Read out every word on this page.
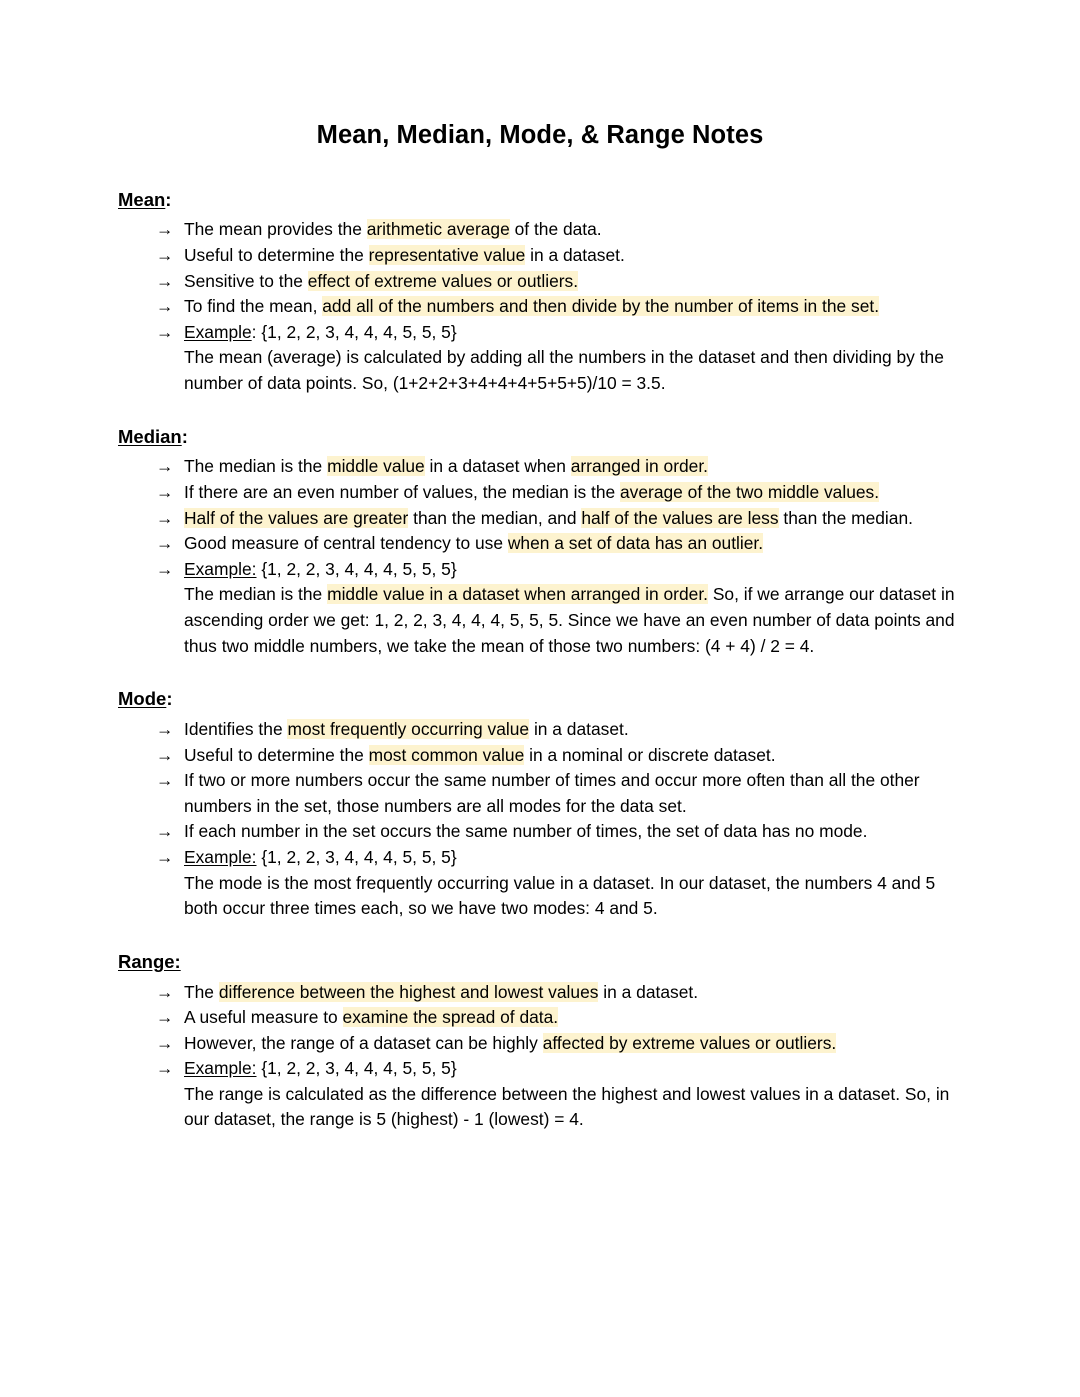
Mean, Median, Mode, & Range Notes
Mean:
→ The mean provides the arithmetic average of the data.
→ Useful to determine the representative value in a dataset.
→ Sensitive to the effect of extreme values or outliers.
→ To find the mean, add all of the numbers and then divide by the number of items in the set.
→ Example: {1, 2, 2, 3, 4, 4, 4, 5, 5, 5}
The mean (average) is calculated by adding all the numbers in the dataset and then dividing by the number of data points. So, (1+2+2+3+4+4+4+5+5+5)/10 = 3.5.
Median:
→ The median is the middle value in a dataset when arranged in order.
→ If there are an even number of values, the median is the average of the two middle values.
→ Half of the values are greater than the median, and half of the values are less than the median.
→ Good measure of central tendency to use when a set of data has an outlier.
→ Example: {1, 2, 2, 3, 4, 4, 4, 5, 5, 5}
The median is the middle value in a dataset when arranged in order. So, if we arrange our dataset in ascending order we get: 1, 2, 2, 3, 4, 4, 4, 5, 5, 5. Since we have an even number of data points and thus two middle numbers, we take the mean of those two numbers: (4 + 4) / 2 = 4.
Mode:
→ Identifies the most frequently occurring value in a dataset.
→ Useful to determine the most common value in a nominal or discrete dataset.
→ If two or more numbers occur the same number of times and occur more often than all the other numbers in the set, those numbers are all modes for the data set.
→ If each number in the set occurs the same number of times, the set of data has no mode.
→ Example: {1, 2, 2, 3, 4, 4, 4, 5, 5, 5}
The mode is the most frequently occurring value in a dataset. In our dataset, the numbers 4 and 5 both occur three times each, so we have two modes: 4 and 5.
Range:
→ The difference between the highest and lowest values in a dataset.
→ A useful measure to examine the spread of data.
→ However, the range of a dataset can be highly affected by extreme values or outliers.
→ Example: {1, 2, 2, 3, 4, 4, 4, 5, 5, 5}
The range is calculated as the difference between the highest and lowest values in a dataset. So, in our dataset, the range is 5 (highest) - 1 (lowest) = 4.
